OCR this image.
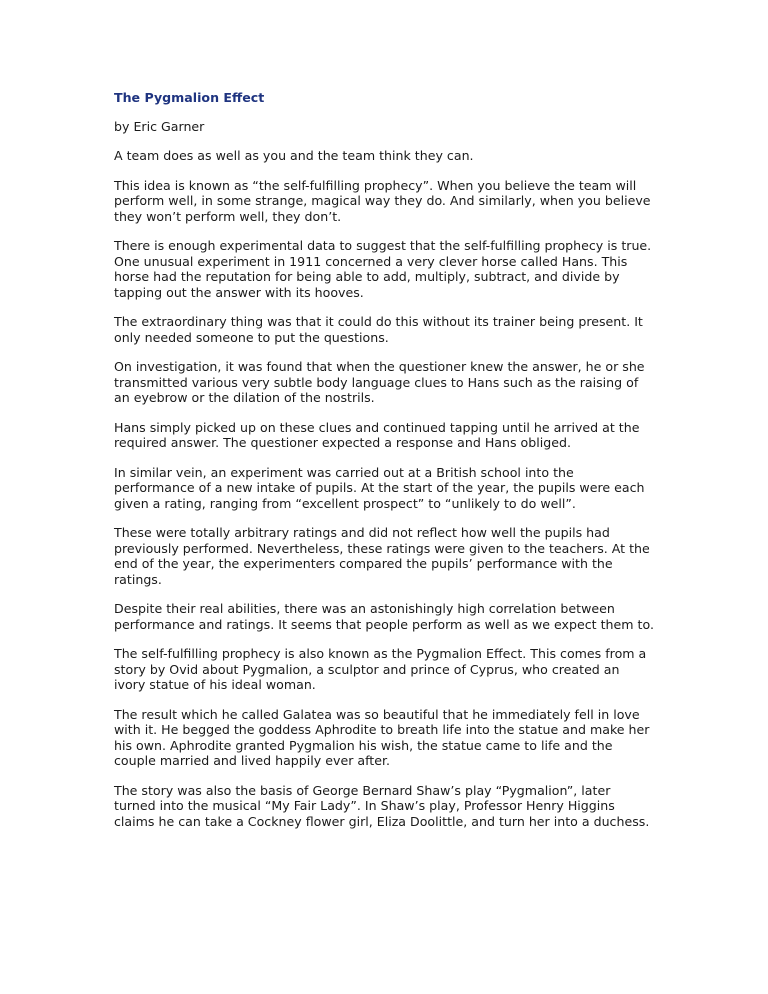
The Pygmalion Effect
by Eric Garner
A team does as well as you and the team think they can.
This idea is known as “the self-fulfilling prophecy”. When you believe the team will perform well, in some strange, magical way they do. And similarly, when you believe they won’t perform well, they don’t.
There is enough experimental data to suggest that the self-fulfilling prophecy is true. One unusual experiment in 1911 concerned a very clever horse called Hans. This horse had the reputation for being able to add, multiply, subtract, and divide by tapping out the answer with its hooves.
The extraordinary thing was that it could do this without its trainer being present. It only needed someone to put the questions.
On investigation, it was found that when the questioner knew the answer, he or she transmitted various very subtle body language clues to Hans such as the raising of an eyebrow or the dilation of the nostrils.
Hans simply picked up on these clues and continued tapping until he arrived at the required answer. The questioner expected a response and Hans obliged.
In similar vein, an experiment was carried out at a British school into the performance of a new intake of pupils. At the start of the year, the pupils were each given a rating, ranging from “excellent prospect” to “unlikely to do well”.
These were totally arbitrary ratings and did not reflect how well the pupils had previously performed. Nevertheless, these ratings were given to the teachers. At the end of the year, the experimenters compared the pupils’ performance with the ratings.
Despite their real abilities, there was an astonishingly high correlation between performance and ratings. It seems that people perform as well as we expect them to.
The self-fulfilling prophecy is also known as the Pygmalion Effect. This comes from a story by Ovid about Pygmalion, a sculptor and prince of Cyprus, who created an ivory statue of his ideal woman.
The result which he called Galatea was so beautiful that he immediately fell in love with it. He begged the goddess Aphrodite to breath life into the statue and make her his own. Aphrodite granted Pygmalion his wish, the statue came to life and the couple married and lived happily ever after.
The story was also the basis of George Bernard Shaw’s play “Pygmalion”, later turned into the musical “My Fair Lady”. In Shaw’s play, Professor Henry Higgins claims he can take a Cockney flower girl, Eliza Doolittle, and turn her into a duchess.
